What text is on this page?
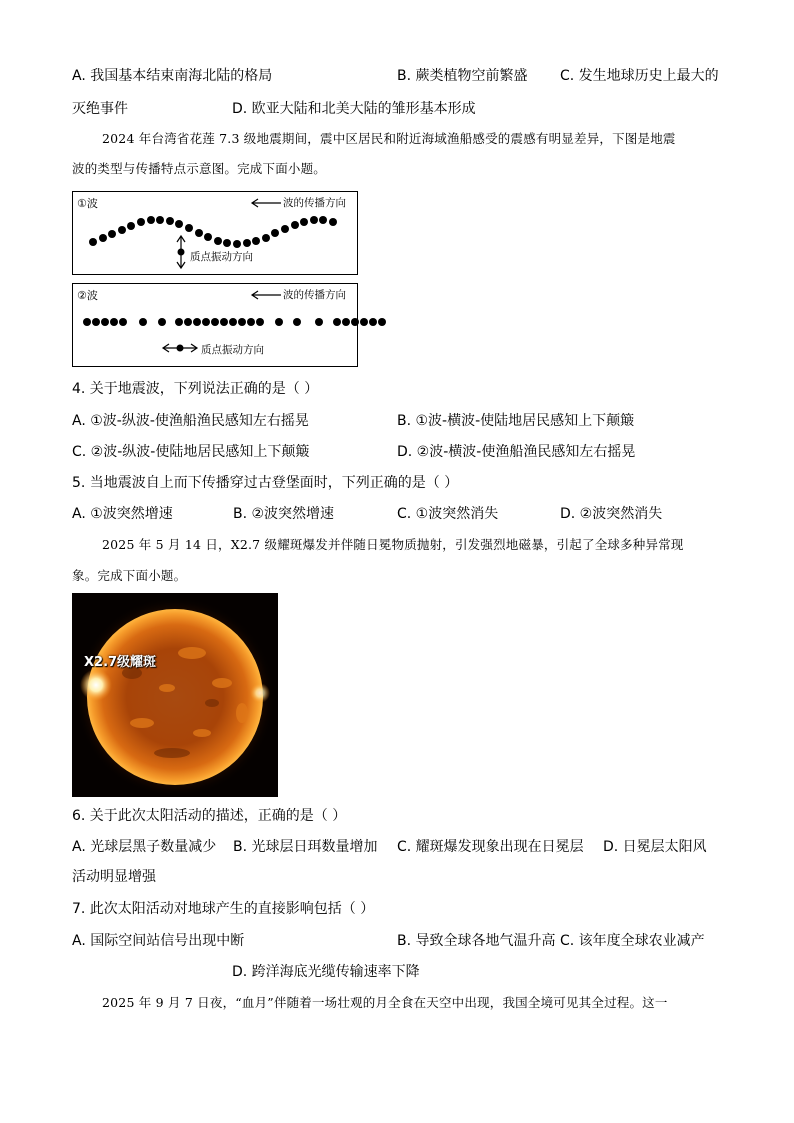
A. 我国基本结束南海北陆的格局	B. 蕨类植物空前繁盛 C. 发生地球历史上最大的
灭绝事件	D. 欧亚大陆和北美大陆的雏形基本形成
2024 年台湾省花莲 7.3 级地震期间，震中区居民和附近海域渔船感受的震感有明显差异，下图是地震
波的类型与传播特点示意图。完成下面小题。
①波	波的传播方向
质点振动方向
②波	波的传播方向
质点振动方向
4. 关于地震波，下列说法正确的是（ ）
A. ①波-纵波-使渔船渔民感知左右摇晃	B. ①波-横波-使陆地居民感知上下颠簸
C. ②波-纵波-使陆地居民感知上下颠簸	D. ②波-横波-使渔船渔民感知左右摇晃
5. 当地震波自上而下传播穿过古登堡面时，下列正确的是（ ）
A. ①波突然增速	B. ②波突然增速	C. ①波突然消失	D. ②波突然消失
2025 年 5 月 14 日，X2.7 级耀斑爆发并伴随日冕物质抛射，引发强烈地磁暴，引起了全球多种异常现
象。完成下面小题。
X2.7级耀斑
6. 关于此次太阳活动的描述，正确的是（ ）
A. 光球层黑子数量减少 B. 光球层日珥数量增加 C. 耀斑爆发现象出现在日冕层 D. 日冕层太阳风
活动明显增强
7. 此次太阳活动对地球产生的直接影响包括（ ）
A. 国际空间站信号出现中断	B. 导致全球各地气温升高 C. 该年度全球农业减产
D. 跨洋海底光缆传输速率下降
2025 年 9 月 7 日夜，“血月”伴随着一场壮观的月全食在天空中出现，我国全境可见其全过程。这一
